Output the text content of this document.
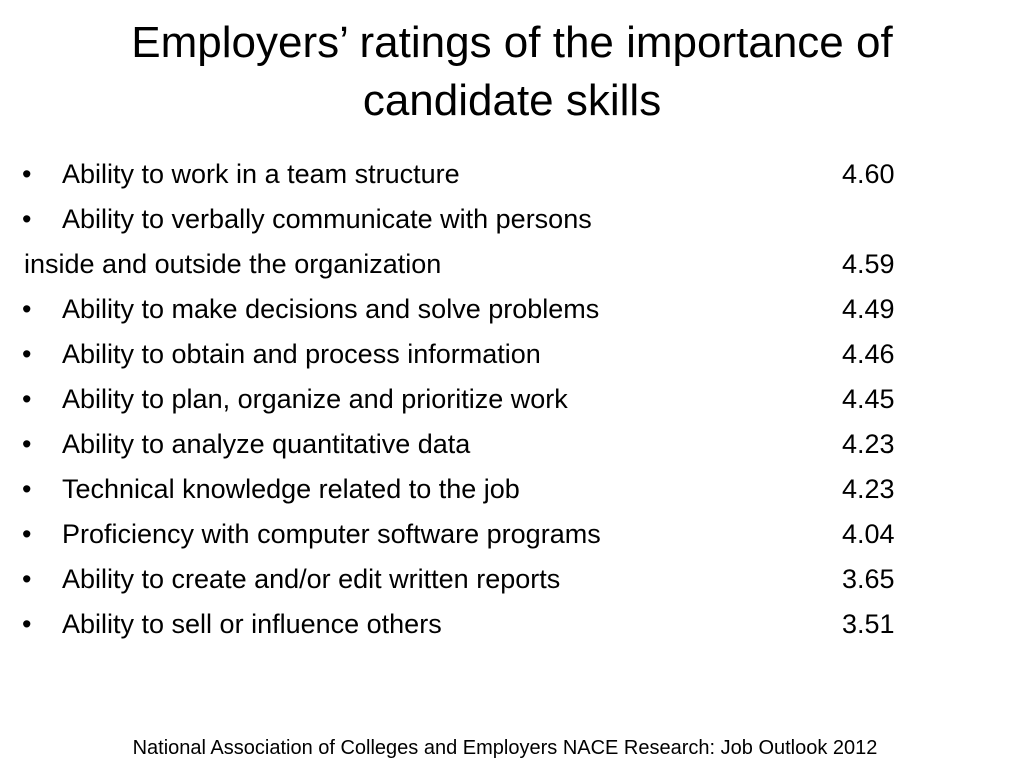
Employers’ ratings of the importance of
candidate skills
• Ability to work in a team structure	4.60
• Ability to verbally communicate with persons
inside and outside the organization	4.59
• Ability to make decisions and solve problems	4.49
• Ability to obtain and process information	4.46
• Ability to plan, organize and prioritize work	4.45
• Ability to analyze quantitative data	4.23
• Technical knowledge related to the job	4.23
• Proficiency with computer software programs	4.04
• Ability to create and/or edit written reports	3.65
• Ability to sell or influence others	3.51

National Association of Colleges and Employers NACE Research: Job Outlook 2012
